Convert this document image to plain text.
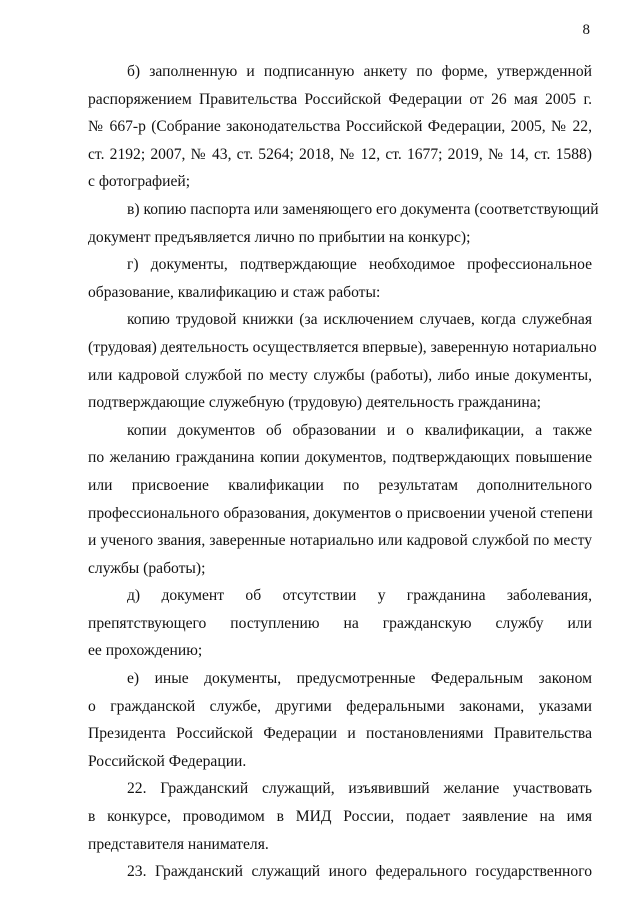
8
б) заполненную и подписанную анкету по форме, утвержденной
распоряжением Правительства Российской Федерации от 26 мая 2005 г.
№ 667-р (Собрание законодательства Российской Федерации, 2005, № 22,
ст. 2192; 2007, № 43, ст. 5264; 2018, № 12, ст. 1677; 2019, № 14, ст. 1588)
с фотографией;
в) копию паспорта или заменяющего его документа (соответствующий
документ предъявляется лично по прибытии на конкурс);
г) документы, подтверждающие необходимое профессиональное
образование, квалификацию и стаж работы:
копию трудовой книжки (за исключением случаев, когда служебная
(трудовая) деятельность осуществляется впервые), заверенную нотариально
или кадровой службой по месту службы (работы), либо иные документы,
подтверждающие служебную (трудовую) деятельность гражданина;
копии документов об образовании и о квалификации, а также
по желанию гражданина копии документов, подтверждающих повышение
или присвоение квалификации по результатам дополнительного
профессионального образования, документов о присвоении ученой степени
и ученого звания, заверенные нотариально или кадровой службой по месту
службы (работы);
д) документ об отсутствии у гражданина заболевания,
препятствующего поступлению на гражданскую службу или
ее прохождению;
е) иные документы, предусмотренные Федеральным законом
о гражданской службе, другими федеральными законами, указами
Президента Российской Федерации и постановлениями Правительства
Российской Федерации.
22. Гражданский служащий, изъявивший желание участвовать
в конкурсе, проводимом в МИД России, подает заявление на имя
представителя нанимателя.
23. Гражданский служащий иного федерального государственного
